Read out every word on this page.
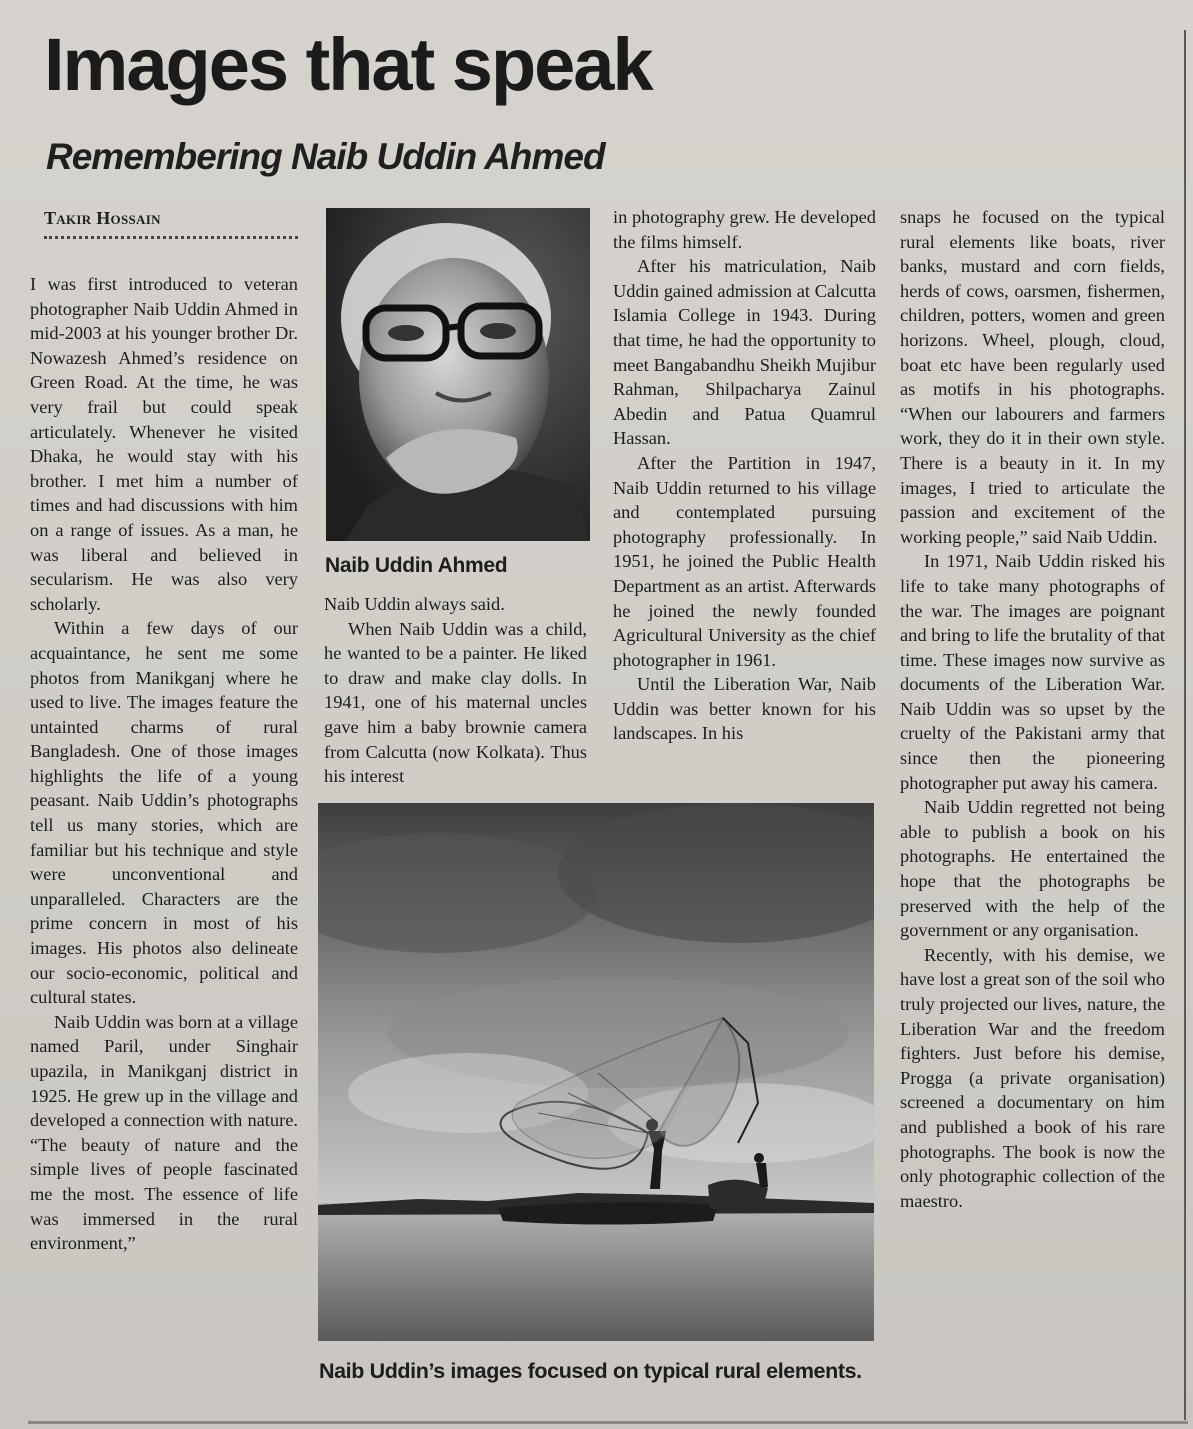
Images that speak
Remembering Naib Uddin Ahmed
Takir Hossain

I was first introduced to veteran photographer Naib Uddin Ahmed in mid-2003 at his younger brother Dr. Nowazesh Ahmed’s residence on Green Road. At the time, he was very frail but could speak articulately. Whenever he visited Dhaka, he would stay with his brother. I met him a number of times and had discussions with him on a range of issues. As a man, he was liberal and believed in secularism. He was also very scholarly.

Within a few days of our acquaintance, he sent me some photos from Manikganj where he used to live. The images feature the untainted charms of rural Bangladesh. One of those images highlights the life of a young peasant. Naib Uddin’s photographs tell us many stories, which are familiar but his technique and style were unconventional and unparalleled. Characters are the prime concern in most of his images. His photos also delineate our socio-economic, political and cultural states.

Naib Uddin was born at a village named Paril, under Singhair upazila, in Manikganj district in 1925. He grew up in the village and developed a connection with nature. “The beauty of nature and the simple lives of people fascinated me the most. The essence of life was immersed in the rural environment,”

Naib Uddin Ahmed

Naib Uddin always said.

When Naib Uddin was a child, he wanted to be a painter. He liked to draw and make clay dolls. In 1941, one of his maternal uncles gave him a baby brownie camera from Calcutta (now Kolkata). Thus his interest

in photography grew. He developed the films himself.

After his matriculation, Naib Uddin gained admission at Calcutta Islamia College in 1943. During that time, he had the opportunity to meet Bangabandhu Sheikh Mujibur Rahman, Shilpacharya Zainul Abedin and Patua Quamrul Hassan.

After the Partition in 1947, Naib Uddin returned to his village and contemplated pursuing photography professionally. In 1951, he joined the Public Health Department as an artist. Afterwards he joined the newly founded Agricultural University as the chief photographer in 1961.

Until the Liberation War, Naib Uddin was better known for his landscapes. In his

snaps he focused on the typical rural elements like boats, river banks, mustard and corn fields, herds of cows, oarsmen, fishermen, children, potters, women and green horizons. Wheel, plough, cloud, boat etc have been regularly used as motifs in his photographs. “When our labourers and farmers work, they do it in their own style. There is a beauty in it. In my images, I tried to articulate the passion and excitement of the working people,” said Naib Uddin.

In 1971, Naib Uddin risked his life to take many photographs of the war. The images are poignant and bring to life the brutality of that time. These images now survive as documents of the Liberation War. Naib Uddin was so upset by the cruelty of the Pakistani army that since then the pioneering photographer put away his camera.

Naib Uddin regretted not being able to publish a book on his photographs. He entertained the hope that the photographs be preserved with the help of the government or any organisation.

Recently, with his demise, we have lost a great son of the soil who truly projected our lives, nature, the Liberation War and the freedom fighters. Just before his demise, Progga (a private organisation) screened a documentary on him and published a book of his rare photographs. The book is now the only photographic collection of the maestro.

Naib Uddin’s images focused on typical rural elements.
